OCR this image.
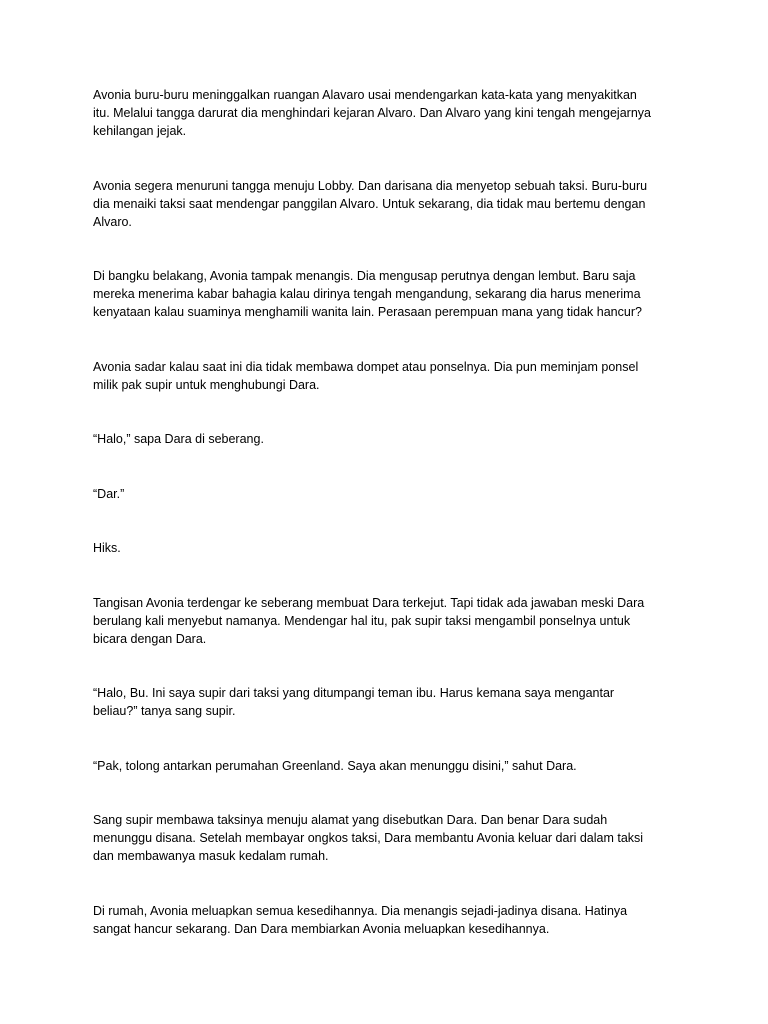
Avonia buru-buru meninggalkan ruangan Alavaro usai mendengarkan kata-kata yang menyakitkan
itu. Melalui tangga darurat dia menghindari kejaran Alvaro. Dan Alvaro yang kini tengah mengejarnya
kehilangan jejak.

Avonia segera menuruni tangga menuju Lobby. Dan darisana dia menyetop sebuah taksi. Buru-buru
dia menaiki taksi saat mendengar panggilan Alvaro. Untuk sekarang, dia tidak mau bertemu dengan
Alvaro.

Di bangku belakang, Avonia tampak menangis. Dia mengusap perutnya dengan lembut. Baru saja
mereka menerima kabar bahagia kalau dirinya tengah mengandung, sekarang dia harus menerima
kenyataan kalau suaminya menghamili wanita lain. Perasaan perempuan mana yang tidak hancur?

Avonia sadar kalau saat ini dia tidak membawa dompet atau ponselnya. Dia pun meminjam ponsel
milik pak supir untuk menghubungi Dara.

“Halo,” sapa Dara di seberang.

“Dar.”

Hiks.

Tangisan Avonia terdengar ke seberang membuat Dara terkejut. Tapi tidak ada jawaban meski Dara
berulang kali menyebut namanya. Mendengar hal itu, pak supir taksi mengambil ponselnya untuk
bicara dengan Dara.

“Halo, Bu. Ini saya supir dari taksi yang ditumpangi teman ibu. Harus kemana saya mengantar
beliau?” tanya sang supir.

“Pak, tolong antarkan perumahan Greenland. Saya akan menunggu disini,” sahut Dara.

Sang supir membawa taksinya menuju alamat yang disebutkan Dara. Dan benar Dara sudah
menunggu disana. Setelah membayar ongkos taksi, Dara membantu Avonia keluar dari dalam taksi
dan membawanya masuk kedalam rumah.

Di rumah, Avonia meluapkan semua kesedihannya. Dia menangis sejadi-jadinya disana. Hatinya
sangat hancur sekarang. Dan Dara membiarkan Avonia meluapkan kesedihannya.
